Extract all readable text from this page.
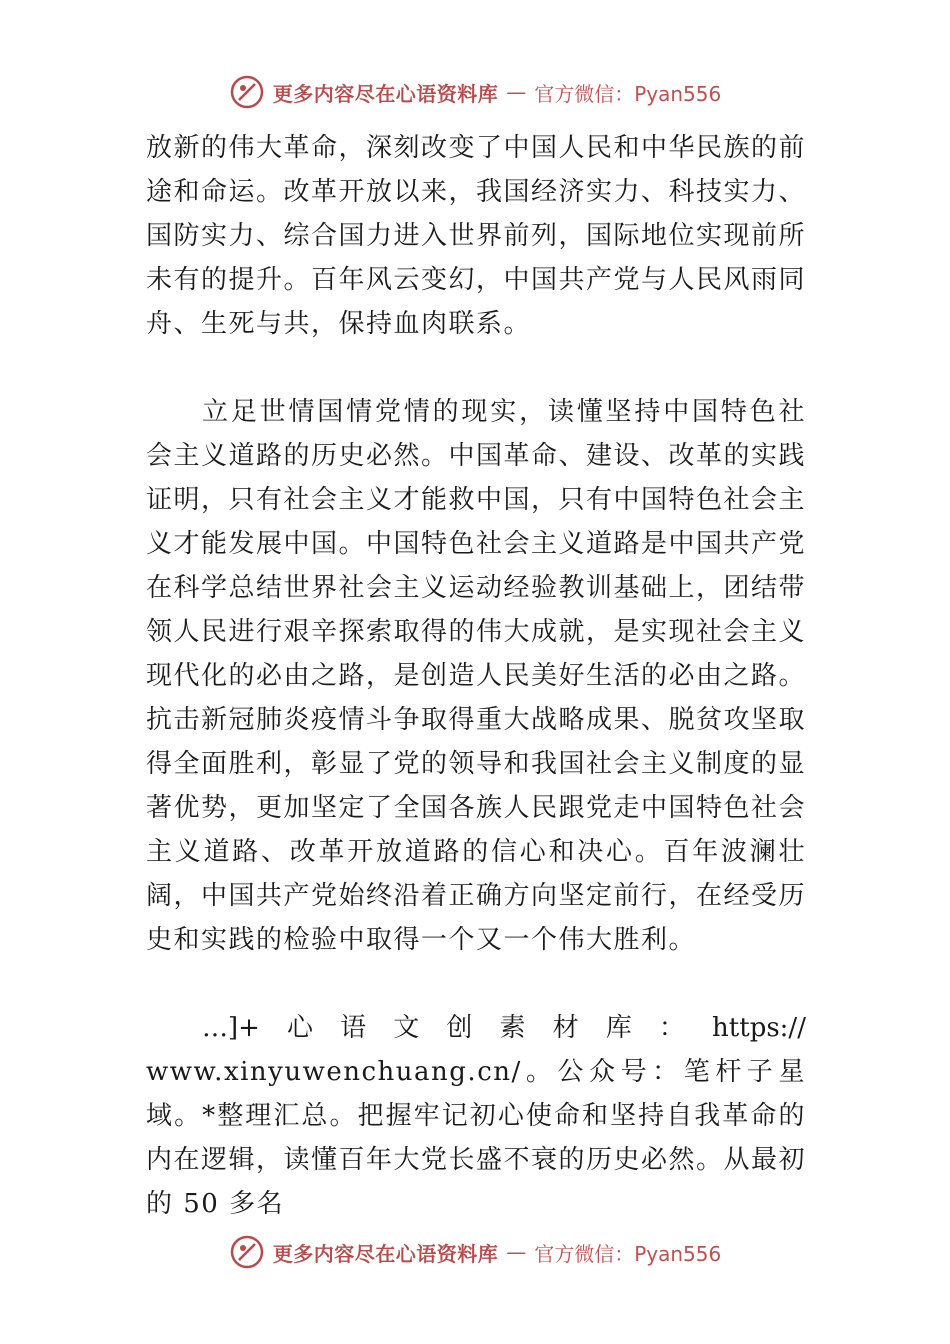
更多内容尽在心语资料库 — 官方微信：Pyan556

放新的伟大革命，深刻改变了中国人民和中华民族的前途和命运。改革开放以来，我国经济实力、科技实力、国防实力、综合国力进入世界前列，国际地位实现前所未有的提升。百年风云变幻，中国共产党与人民风雨同舟、生死与共，保持血肉联系。

立足世情国情党情的现实，读懂坚持中国特色社会主义道路的历史必然。中国革命、建设、改革的实践证明，只有社会主义才能救中国，只有中国特色社会主义才能发展中国。中国特色社会主义道路是中国共产党在科学总结世界社会主义运动经验教训基础上，团结带领人民进行艰辛探索取得的伟大成就，是实现社会主义现代化的必由之路，是创造人民美好生活的必由之路。抗击新冠肺炎疫情斗争取得重大战略成果、脱贫攻坚取得全面胜利，彰显了党的领导和我国社会主义制度的显著优势，更加坚定了全国各族人民跟党走中国特色社会主义道路、改革开放道路的信心和决心。百年波澜壮阔，中国共产党始终沿着正确方向坚定前行，在经受历史和实践的检验中取得一个又一个伟大胜利。

…]+ 心 语 文 创 素 材 库 ： https://

www.xinyuwenchuang.cn/。公众号：笔杆子星域。*整理汇总。把握牢记初心使命和坚持自我革命的内在逻辑，读懂百年大党长盛不衰的历史必然。从最初的 50 多名

更多内容尽在心语资料库 — 官方微信：Pyan556
